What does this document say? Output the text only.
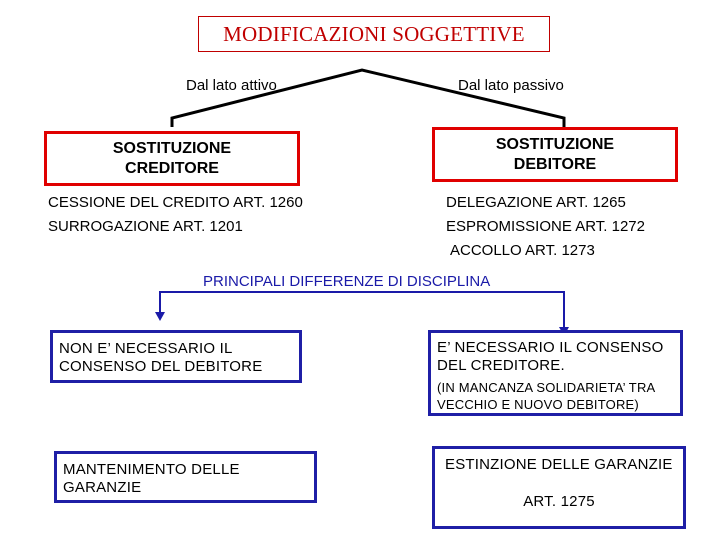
MODIFICAZIONI SOGGETTIVE
Dal lato attivo	Dal lato passivo
SOSTITUZIONE
CREDITORE
SOSTITUZIONE
DEBITORE
CESSIONE DEL CREDITO ART. 1260
SURROGAZIONE ART. 1201
DELEGAZIONE ART. 1265
ESPROMISSIONE ART. 1272
ACCOLLO ART. 1273
PRINCIPALI DIFFERENZE DI DISCIPLINA
NON E’ NECESSARIO IL
CONSENSO DEL DEBITORE
E’ NECESSARIO IL CONSENSO
DEL CREDITORE.
(IN MANCANZA SOLIDARIETA’ TRA
VECCHIO E NUOVO DEBITORE)
MANTENIMENTO DELLE
GARANZIE
ESTINZIONE DELLE GARANZIE
ART. 1275
